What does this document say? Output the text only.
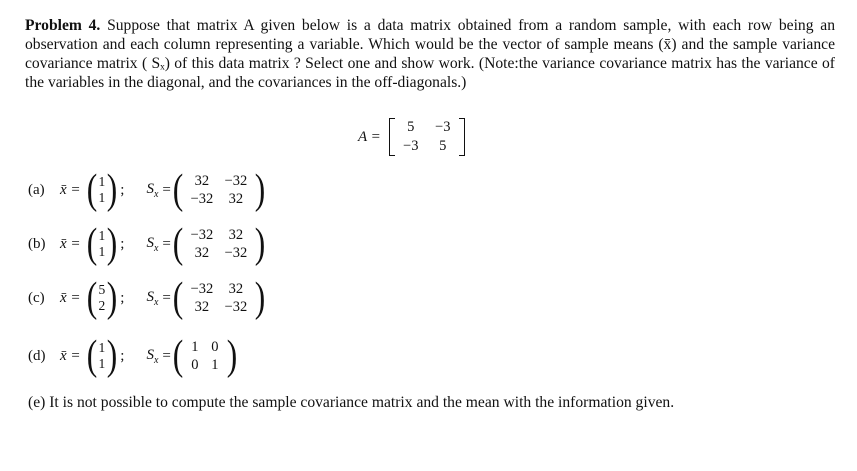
Problem 4. Suppose that matrix A given below is a data matrix obtained from a random sample, with each row being an observation and each column representing a variable. Which would be the vector of sample means (x̄) and the sample variance covariance matrix ( Sₓ) of this data matrix ? Select one and show work. (Note:the variance covariance matrix has the variance of the variables in the diagonal, and the covariances in the off-diagonals.)
A =
5 −3
−3 5
(a)	x̄ = ( 1
1 ) ; $S_x$ = ( 32 −32
−32 32 )
(b) x̄ = ( 1
1 ) ; $S_x$ = ( −32 32
32 −32 )
(c)	x̄ = ( 5
2 ) ; $S_x$ = ( −32 32
32 −32 )
(d) x̄ = ( 1
1 ) ; $S_x$ = ( 1 0
0 1 )
(e) It is not possible to compute the sample covariance matrix and the mean with the information given.
